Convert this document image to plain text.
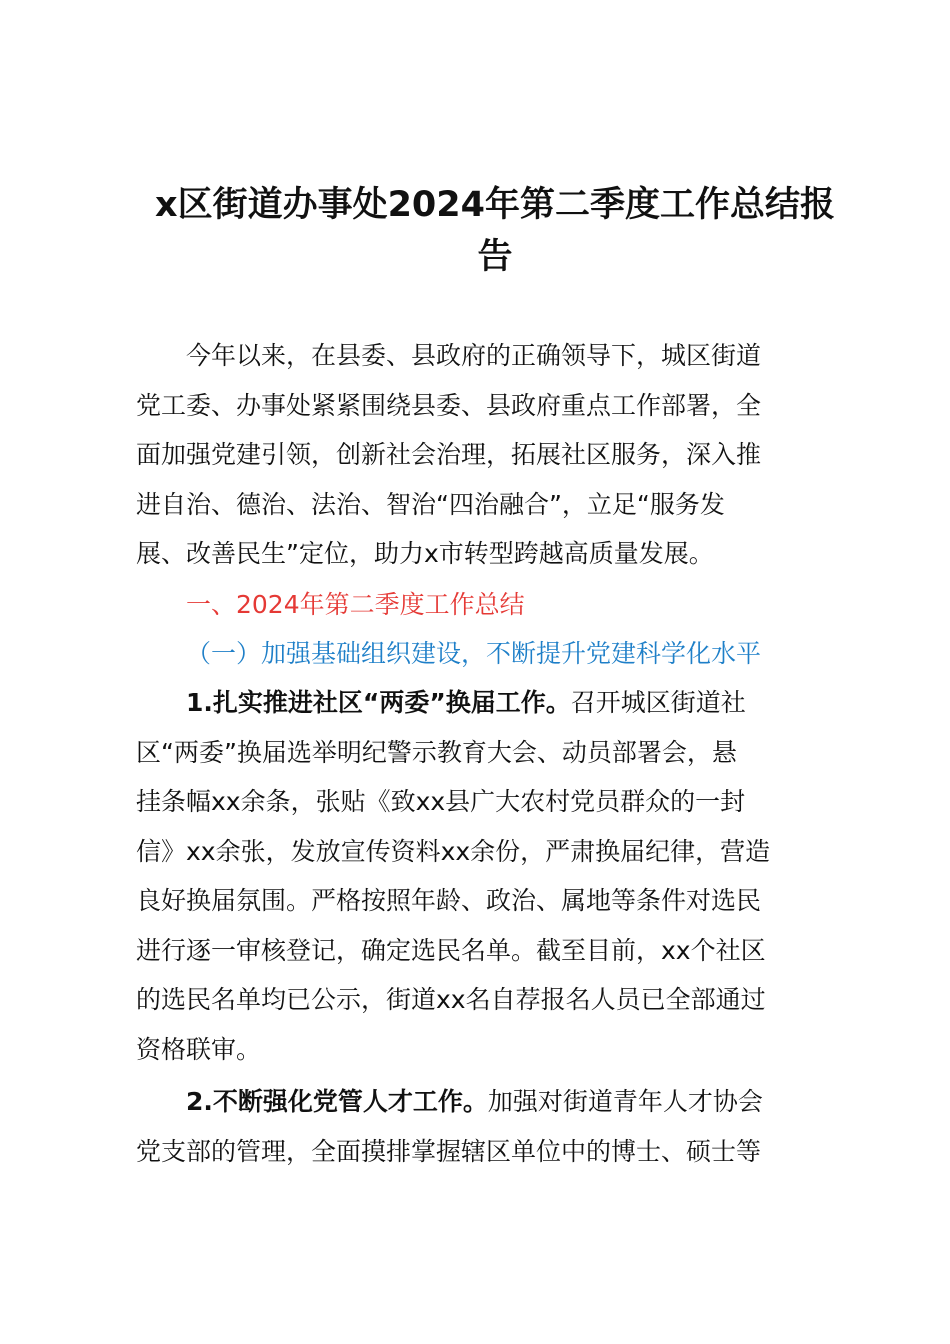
x区街道办事处2024年第二季度工作总结报
告

今年以来，在县委、县政府的正确领导下，城区街道

党工委、办事处紧紧围绕县委、县政府重点工作部署，全

面加强党建引领，创新社会治理，拓展社区服务，深入推

进自治、德治、法治、智治“四治融合”，立足“服务发

展、改善民生”定位，助力x市转型跨越高质量发展。

一、2024年第二季度工作总结

（一）加强基础组织建设，不断提升党建科学化水平

1.扎实推进社区“两委”换届工作。召开城区街道社

区“两委”换届选举明纪警示教育大会、动员部署会，悬

挂条幅xx余条，张贴《致xx县广大农村党员群众的一封

信》xx余张，发放宣传资料xx余份，严肃换届纪律，营造

良好换届氛围。严格按照年龄、政治、属地等条件对选民

进行逐一审核登记，确定选民名单。截至目前，xx个社区

的选民名单均已公示，街道xx名自荐报名人员已全部通过

资格联审。

2.不断强化党管人才工作。加强对街道青年人才协会

党支部的管理，全面摸排掌握辖区单位中的博士、硕士等
